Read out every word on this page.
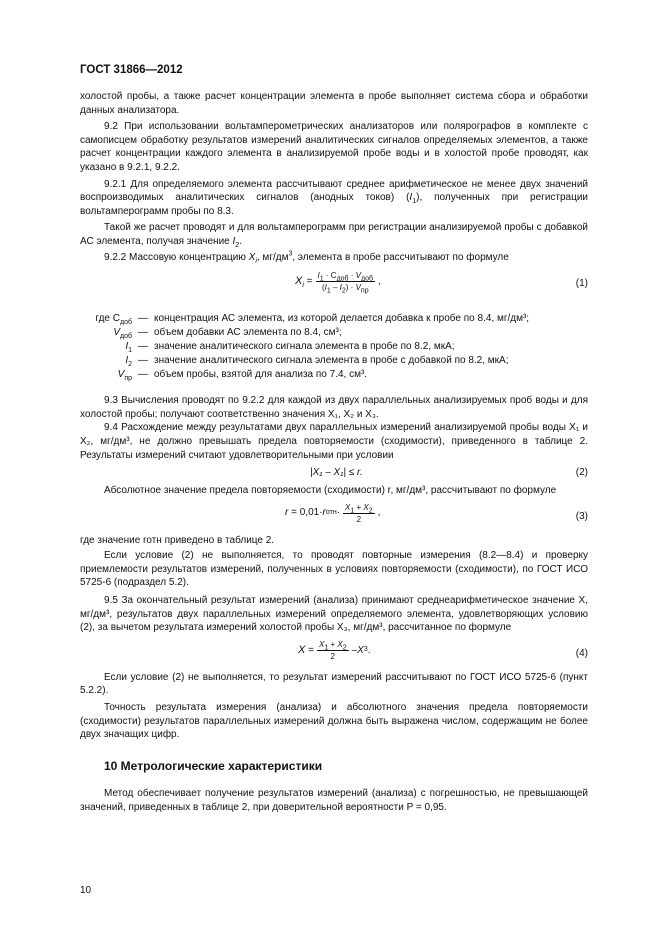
ГОСТ 31866—2012

холостой пробы, а также расчет концентрации элемента в пробе выполняет система сбора и обработки данных анализатора.

9.2 При использовании вольтамперометрических анализаторов или полярографов в комплекте с самописцем обработку результатов измерений аналитических сигналов определяемых элементов, а также расчет концентрации каждого элемента в анализируемой пробе воды и в холостой пробе проводят, как указано в 9.2.1, 9.2.2.

9.2.1 Для определяемого элемента рассчитывают среднее арифметическое не менее двух значений воспроизводимых аналитических сигналов (анодных токов) $(I_1)$, полученных при регистрации вольтамперограмм пробы по 8.3.

Такой же расчет проводят и для вольтамперограмм при регистрации анализируемой пробы с добавкой АС элемента, получая значение $I_2$.

9.2.2 Массовую концентрацию $X_i$, $мг/дм^3$, элемента в пробе рассчитывают по формуле

$X_i = \frac{I_1 \cdot C_{доб} \cdot V_{доб}}{(I_1 - I_2) \cdot V_{пр}}$ ,	(1)
где $C_{доб}$ — концентрация АС элемента, из которой делается добавка к пробе по 8.4, мг/дм³;
$V_{доб}$ — объем добавки АС элемента по 8.4, см³;
$I_1$ — значение аналитического сигнала элемента в пробе по 8.2, мкА;
$I_2$ — значение аналитического сигнала элемента в пробе с добавкой по 8.2, мкА;
$V_{пр}$ — объем пробы, взятой для анализа по 7.4, см³.

9.3 Вычисления проводят по 9.2.2 для каждой из двух параллельных анализируемых проб воды и для холостой пробы; получают соответственно значения X₁, X₂ и X₃.

9.4 Расхождение между результатами двух параллельных измерений анализируемой пробы воды X₁ и X₂, мг/дм³, не должно превышать предела повторяемости (сходимости), приведенного в таблице 2. Результаты измерений считают удовлетворительными при условии

|X₁ – X₁| ≤ r.	(2)

Абсолютное значение предела повторяемости (сходимости) r, мг/дм³, рассчитывают по формуле

r = 0,01· r отн · $\frac{X_1 + X_2}{2}$ ,	(3)

где значение rотн приведено в таблице 2.

Если условие (2) не выполняется, то проводят повторные измерения (8.2—8.4) и проверку приемлемости результатов измерений, полученных в условиях повторяемости (сходимости), по ГОСТ ИСО 5725-6 (подраздел 5.2).

9.5 За окончательный результат измерений (анализа) принимают среднеарифметическое значение X, мг/дм³, результатов двух параллельных измерений определяемого элемента, удовлетворяющих условию (2), за вычетом результата измерений холостой пробы X₃, мг/дм³, рассчитанное по формуле

$X = \frac{X_1 + X_2}{2} - X$ 3 .	(4)

Если условие (2) не выполняется, то результат измерений рассчитывают по ГОСТ ИСО 5725-6 (пункт 5.2.2).

Точность результата измерения (анализа) и абсолютного значения предела повторяемости (сходимости) результатов параллельных измерений должна быть выражена числом, содержащим не более двух значащих цифр.

10 Метрологические характеристики

Метод обеспечивает получение результатов измерений (анализа) с погрешностью, не превышающей значений, приведенных в таблице 2, при доверительной вероятности P = 0,95.

10
